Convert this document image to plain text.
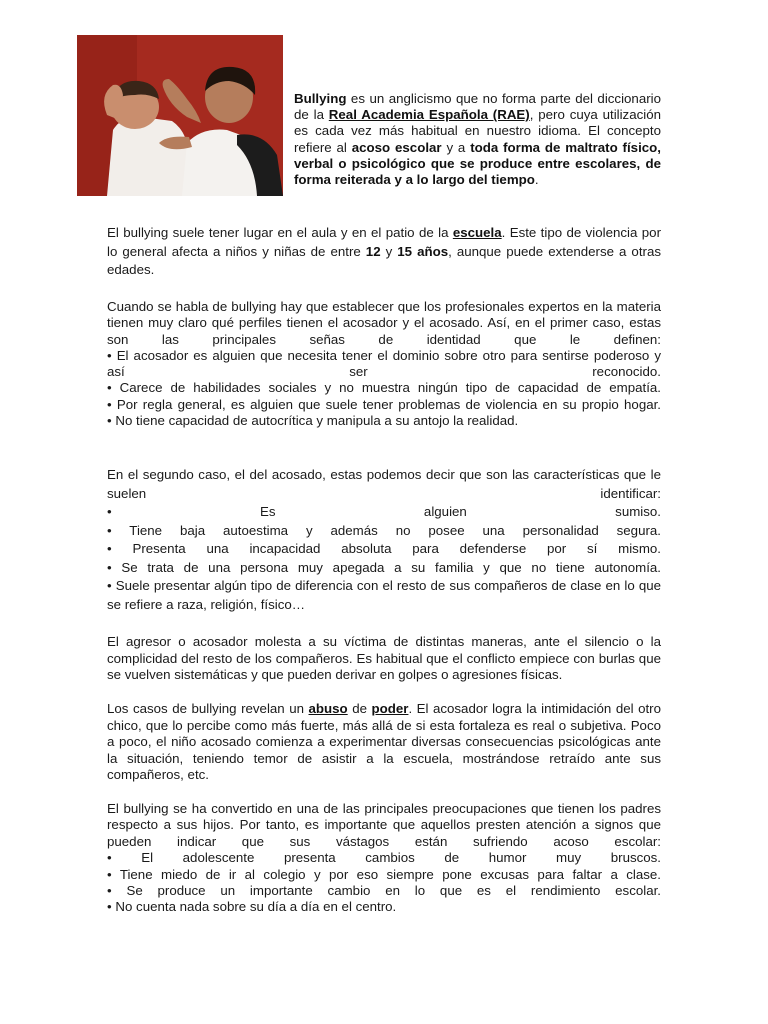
Bullying es un anglicismo que no forma parte del diccionario de la Real Academia Española (RAE), pero cuya utilización es cada vez más habitual en nuestro idioma. El concepto refiere al acoso escolar y a toda forma de maltrato físico, verbal o psicológico que se produce entre escolares, de forma reiterada y a lo largo del tiempo.

El bullying suele tener lugar en el aula y en el patio de la escuela. Este tipo de violencia por lo general afecta a niños y niñas de entre 12 y 15 años, aunque puede extenderse a otras edades.

Cuando se habla de bullying hay que establecer que los profesionales expertos en la materia tienen muy claro qué perfiles tienen el acosador y el acosado. Así, en el primer caso, estas son las principales señas de identidad que le definen:
• El acosador es alguien que necesita tener el dominio sobre otro para sentirse poderoso y así ser reconocido.
• Carece de habilidades sociales y no muestra ningún tipo de capacidad de empatía.
• Por regla general, es alguien que suele tener problemas de violencia en su propio hogar.
• No tiene capacidad de autocrítica y manipula a su antojo la realidad.
En el segundo caso, el del acosado, estas podemos decir que son las características que le suelen identificar:
• Es alguien sumiso.
• Tiene baja autoestima y además no posee una personalidad segura.
• Presenta una incapacidad absoluta para defenderse por sí mismo.
• Se trata de una persona muy apegada a su familia y que no tiene autonomía.
• Suele presentar algún tipo de diferencia con el resto de sus compañeros de clase en lo que se refiere a raza, religión, físico…

El agresor o acosador molesta a su víctima de distintas maneras, ante el silencio o la complicidad del resto de los compañeros. Es habitual que el conflicto empiece con burlas que se vuelven sistemáticas y que pueden derivar en golpes o agresiones físicas.

Los casos de bullying revelan un abuso de poder. El acosador logra la intimidación del otro chico, que lo percibe como más fuerte, más allá de si esta fortaleza es real o subjetiva. Poco a poco, el niño acosado comienza a experimentar diversas consecuencias psicológicas ante la situación, teniendo temor de asistir a la escuela, mostrándose retraído ante sus compañeros, etc.

El bullying se ha convertido en una de las principales preocupaciones que tienen los padres respecto a sus hijos. Por tanto, es importante que aquellos presten atención a signos que pueden indicar que sus vástagos están sufriendo acoso escolar:
• El adolescente presenta cambios de humor muy bruscos.
• Tiene miedo de ir al colegio y por eso siempre pone excusas para faltar a clase.
• Se produce un importante cambio en lo que es el rendimiento escolar.
• No cuenta nada sobre su día a día en el centro.
